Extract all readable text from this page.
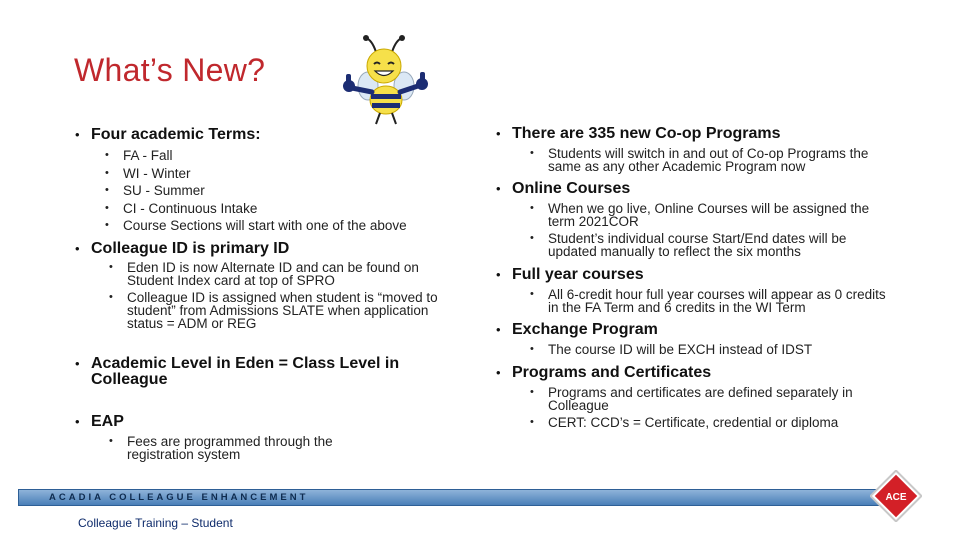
What’s New?
• Four academic Terms:
•	FA - Fall
•	WI - Winter
•	SU - Summer
•	CI - Continuous Intake
•	Course Sections will start with one of the above
• Colleague ID is primary ID
•	Eden ID is now Alternate ID and can be found on Student Index card at top of SPRO
•	Colleague ID is assigned when student is “moved to student” from Admissions SLATE when application status = ADM or REG
• Academic Level in Eden = Class Level in Colleague
• EAP
•	Fees are programmed through the registration system
• There are 335 new Co-op Programs
•	Students will switch in and out of Co-op Programs the same as any other Academic Program now
• Online Courses
•	When we go live, Online Courses will be assigned the term 2021COR
•	Student’s individual course Start/End dates will be updated manually to reflect the six months
• Full year courses
•	All 6-credit hour full year courses will appear as 0 credits in the FA Term and 6 credits in the WI Term
• Exchange Program
•	The course ID will be EXCH instead of IDST
• Programs and Certificates
•	Programs and certificates are defined separately in Colleague
•	CERT: CCD’s = Certificate, credential or diploma
ACADIA COLLEAGUE ENHANCEMENT	ACE
Colleague Training – Student
